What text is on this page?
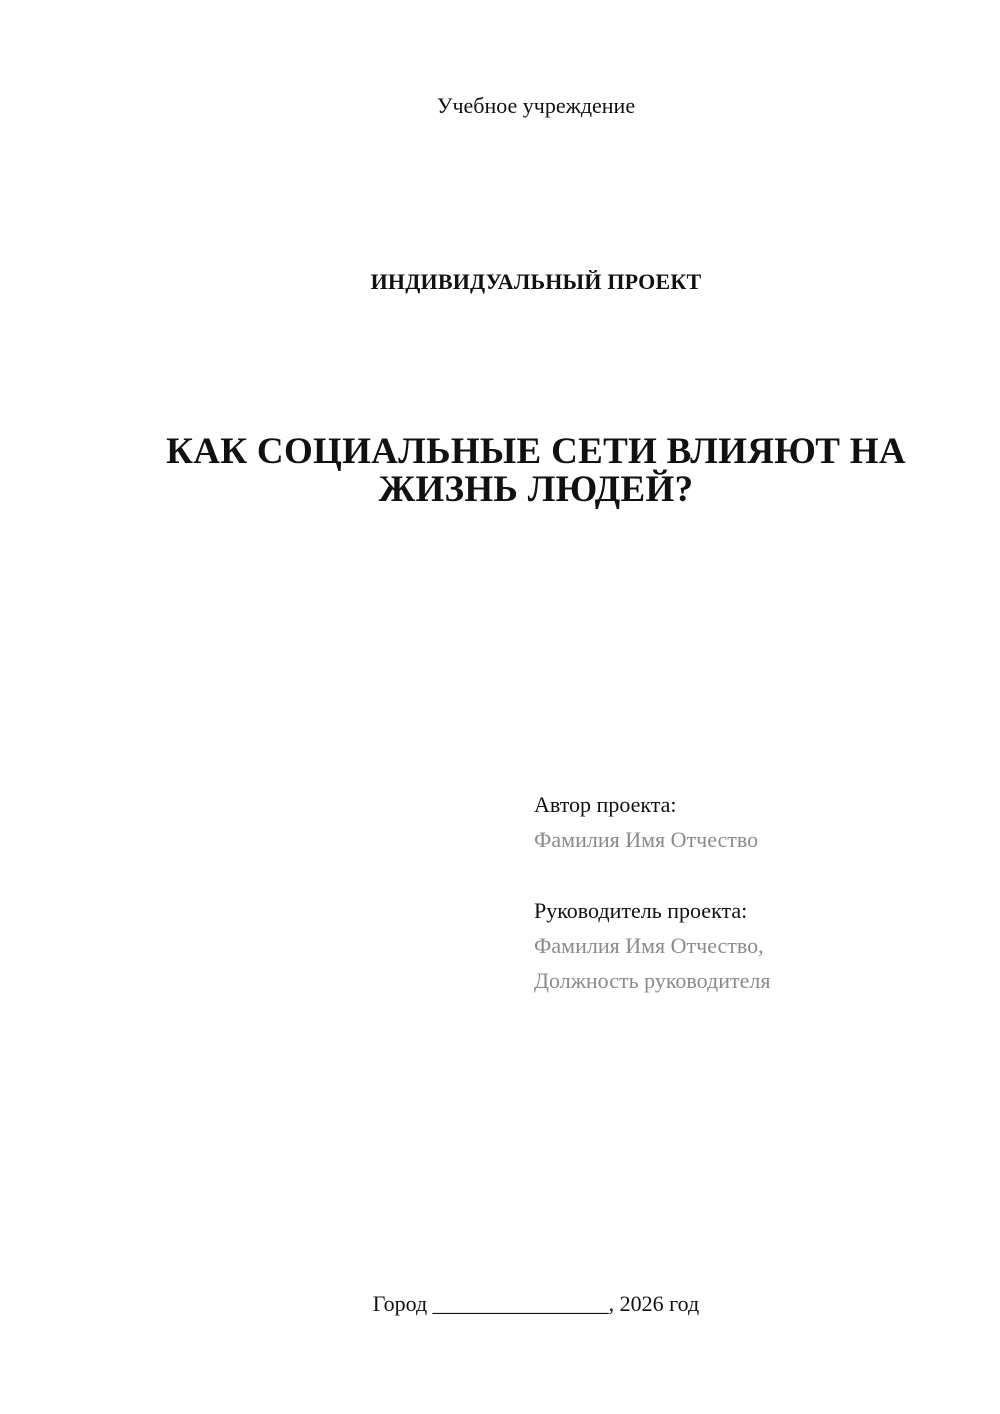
Учебное учреждение
ИНДИВИДУАЛЬНЫЙ ПРОЕКТ
КАК СОЦИАЛЬНЫЕ СЕТИ ВЛИЯЮТ НА
ЖИЗНЬ ЛЮДЕЙ?
Автор проекта:
Фамилия Имя Отчество
Руководитель проекта:
Фамилия Имя Отчество,
Должность руководителя
Город ________________, 2026 год
